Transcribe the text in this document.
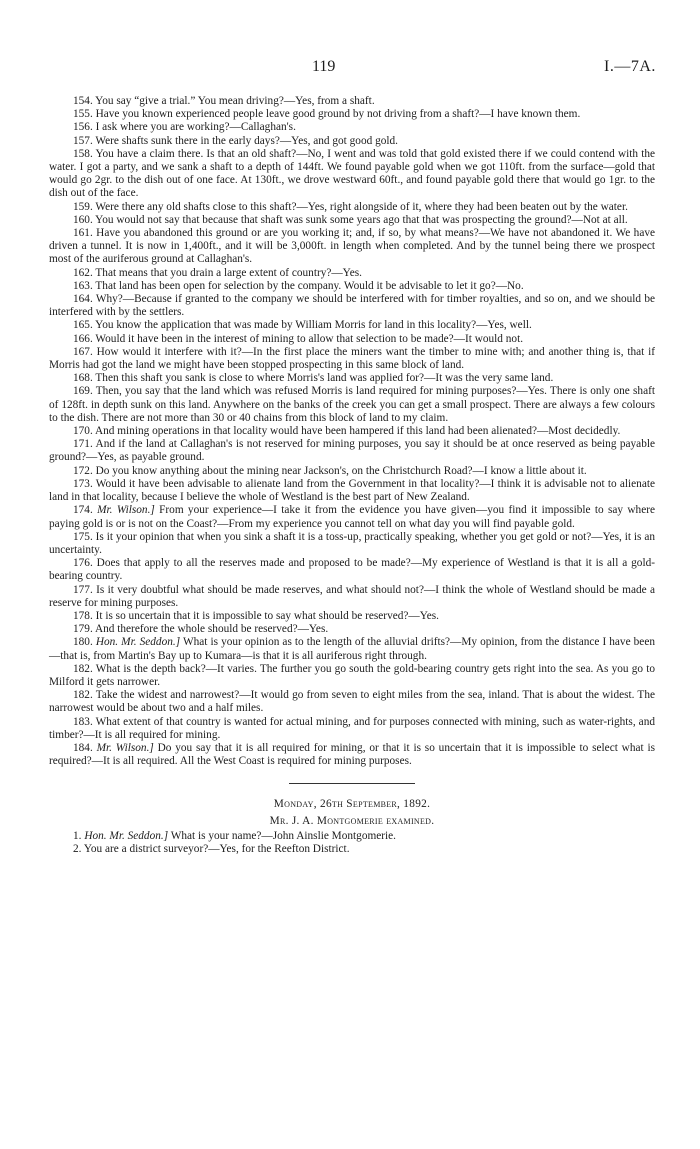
119	I.—7A.

154. You say “give a trial.” You mean driving?—Yes, from a shaft.

155. Have you known experienced people leave good ground by not driving from a shaft?—I have known them.

156. I ask where you are working?—Callaghan's.

157. Were shafts sunk there in the early days?—Yes, and got good gold.

158. You have a claim there. Is that an old shaft?—No, I went and was told that gold existed there if we could contend with the water. I got a party, and we sank a shaft to a depth of 144ft. We found payable gold when we got 110ft. from the surface—gold that would go 2gr. to the dish out of one face. At 130ft., we drove westward 60ft., and found payable gold there that would go 1gr. to the dish out of the face.

159. Were there any old shafts close to this shaft?—Yes, right alongside of it, where they had been beaten out by the water.

160. You would not say that because that shaft was sunk some years ago that that was prospecting the ground?—Not at all.

161. Have you abandoned this ground or are you working it; and, if so, by what means?—We have not abandoned it. We have driven a tunnel. It is now in 1,400ft., and it will be 3,000ft. in length when completed. And by the tunnel being there we prospect most of the auriferous ground at Callaghan's.

162. That means that you drain a large extent of country?—Yes.

163. That land has been open for selection by the company. Would it be advisable to let it go?—No.

164. Why?—Because if granted to the company we should be interfered with for timber royalties, and so on, and we should be interfered with by the settlers.

165. You know the application that was made by William Morris for land in this locality?—Yes, well.

166. Would it have been in the interest of mining to allow that selection to be made?—It would not.

167. How would it interfere with it?—In the first place the miners want the timber to mine with; and another thing is, that if Morris had got the land we might have been stopped prospecting in this same block of land.

168. Then this shaft you sank is close to where Morris's land was applied for?—It was the very same land.

169. Then, you say that the land which was refused Morris is land required for mining purposes?—Yes. There is only one shaft of 128ft. in depth sunk on this land. Anywhere on the banks of the creek you can get a small prospect. There are always a few colours to the dish. There are not more than 30 or 40 chains from this block of land to my claim.

170. And mining operations in that locality would have been hampered if this land had been alienated?—Most decidedly.

171. And if the land at Callaghan's is not reserved for mining purposes, you say it should be at once reserved as being payable ground?—Yes, as payable ground.

172. Do you know anything about the mining near Jackson's, on the Christchurch Road?—I know a little about it.

173. Would it have been advisable to alienate land from the Government in that locality?—I think it is advisable not to alienate land in that locality, because I believe the whole of Westland is the best part of New Zealand.

174. Mr. Wilson.] From your experience—I take it from the evidence you have given—you find it impossible to say where paying gold is or is not on the Coast?—From my experience you cannot tell on what day you will find payable gold.

175. Is it your opinion that when you sink a shaft it is a toss-up, practically speaking, whether you get gold or not?—Yes, it is an uncertainty.

176. Does that apply to all the reserves made and proposed to be made?—My experience of Westland is that it is all a gold-bearing country.

177. Is it very doubtful what should be made reserves, and what should not?—I think the whole of Westland should be made a reserve for mining purposes.

178. It is so uncertain that it is impossible to say what should be reserved?—Yes.

179. And therefore the whole should be reserved?—Yes.

180. Hon. Mr. Seddon.] What is your opinion as to the length of the alluvial drifts?—My opinion, from the distance I have been—that is, from Martin's Bay up to Kumara—is that it is all auriferous right through.

182. What is the depth back?—It varies. The further you go south the gold-bearing country gets right into the sea. As you go to Milford it gets narrower.

182. Take the widest and narrowest?—It would go from seven to eight miles from the sea, inland. That is about the widest. The narrowest would be about two and a half miles.

183. What extent of that country is wanted for actual mining, and for purposes connected with mining, such as water-rights, and timber?—It is all required for mining.

184. Mr. Wilson.] Do you say that it is all required for mining, or that it is so uncertain that it is impossible to select what is required?—It is all required. All the West Coast is required for mining purposes.

Monday, 26th September, 1892.

Mr. J. A. Montgomerie examined.

1. Hon. Mr. Seddon.] What is your name?—John Ainslie Montgomerie.

2. You are a district surveyor?—Yes, for the Reefton District.
